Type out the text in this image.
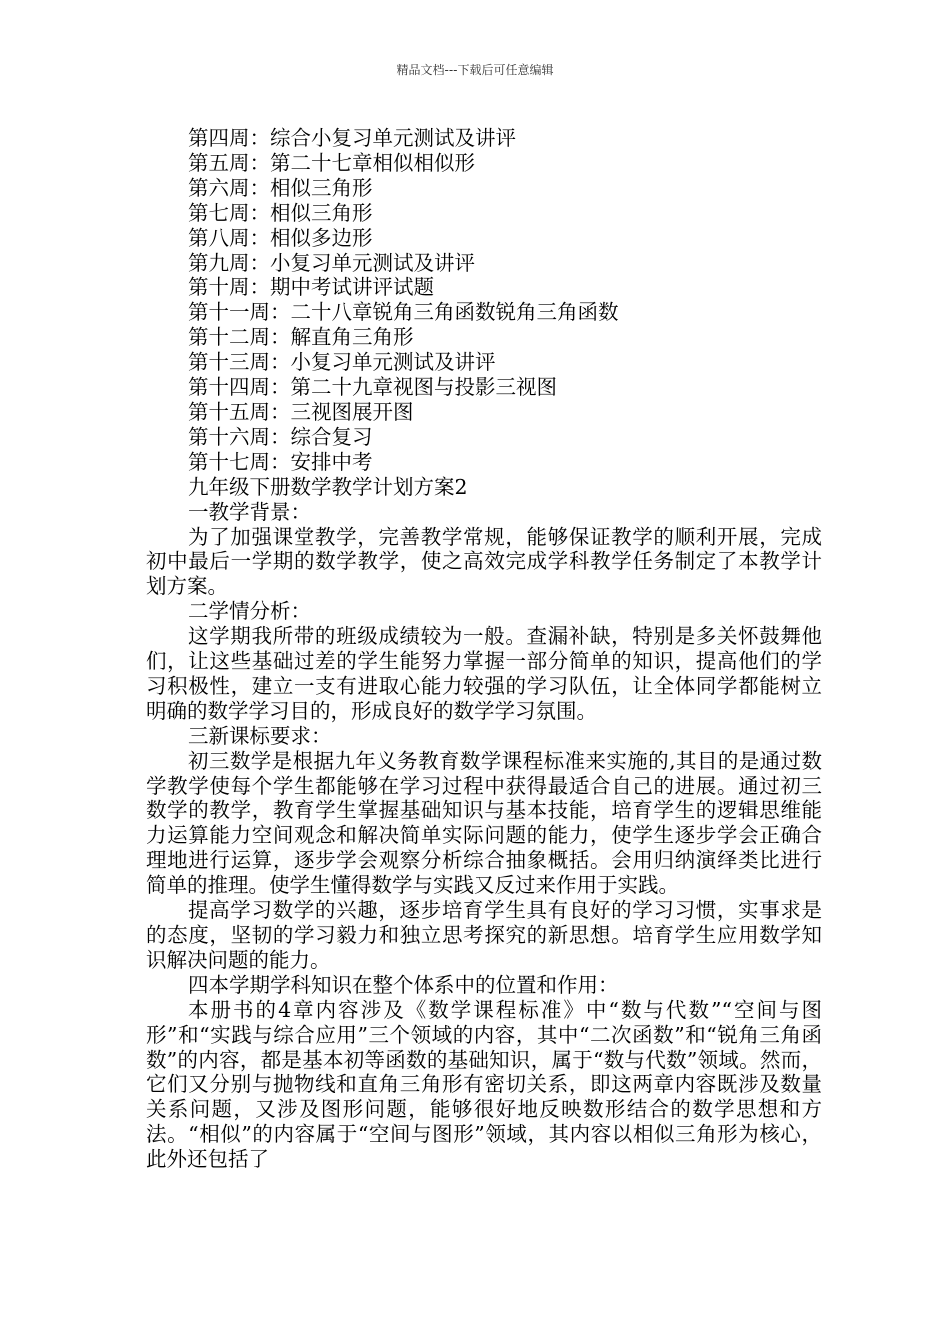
精品文档---下载后可任意编辑

第四周：综合小复习单元测试及讲评

第五周：第二十七章相似相似形

第六周：相似三角形

第七周：相似三角形

第八周：相似多边形

第九周：小复习单元测试及讲评

第十周：期中考试讲评试题

第十一周：二十八章锐角三角函数锐角三角函数

第十二周：解直角三角形

第十三周：小复习单元测试及讲评

第十四周：第二十九章视图与投影三视图

第十五周：三视图展开图

第十六周：综合复习

第十七周：安排中考

九年级下册数学教学计划方案2

一教学背景：

为了加强课堂教学，完善教学常规，能够保证教学的顺利开展，完成初中最后一学期的数学教学，使之高效完成学科教学任务制定了本教学计划方案。

二学情分析：

这学期我所带的班级成绩较为一般。查漏补缺，特别是多关怀鼓舞他们，让这些基础过差的学生能努力掌握一部分简单的知识，提高他们的学习积极性，建立一支有进取心能力较强的学习队伍，让全体同学都能树立明确的数学学习目的，形成良好的数学学习氛围。

三新课标要求：

初三数学是根据九年义务教育数学课程标准来实施的,其目的是通过数学教学使每个学生都能够在学习过程中获得最适合自己的进展。通过初三数学的教学，教育学生掌握基础知识与基本技能，培育学生的逻辑思维能力运算能力空间观念和解决简单实际问题的能力，使学生逐步学会正确合理地进行运算，逐步学会观察分析综合抽象概括。会用归纳演绎类比进行简单的推理。使学生懂得数学与实践又反过来作用于实践。

提高学习数学的兴趣，逐步培育学生具有良好的学习习惯，实事求是的态度，坚韧的学习毅力和独立思考探究的新思想。培育学生应用数学知识解决问题的能力。

四本学期学科知识在整个体系中的位置和作用：

本册书的4章内容涉及《数学课程标准》中“数与代数”“空间与图形”和“实践与综合应用”三个领域的内容，其中“二次函数”和“锐角三角函数”的内容，都是基本初等函数的基础知识，属于“数与代数”领域。然而，它们又分别与抛物线和直角三角形有密切关系，即这两章内容既涉及数量关系问题，又涉及图形问题，能够很好地反映数形结合的数学思想和方法。“相似”的内容属于“空间与图形”领域，其内容以相似三角形为核心，此外还包括了
